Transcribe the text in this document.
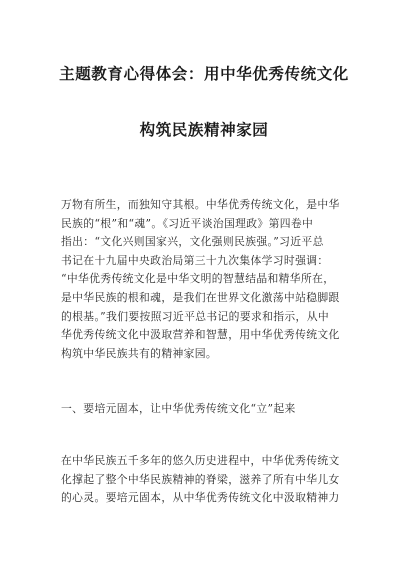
主题教育心得体会：用中华优秀传统文化
构筑民族精神家园
万物有所生，而独知守其根。中华优秀传统文化，是中华
民族的“根”和“魂”。《习近平谈治国理政》第四卷中
指出：“文化兴则国家兴，文化强则民族强。”习近平总
书记在十九届中央政治局第三十九次集体学习时强调：
“中华优秀传统文化是中华文明的智慧结晶和精华所在，
是中华民族的根和魂，是我们在世界文化激荡中站稳脚跟
的根基。”我们要按照习近平总书记的要求和指示，从中
华优秀传统文化中汲取营养和智慧，用中华优秀传统文化
构筑中华民族共有的精神家园。
一、要培元固本，让中华优秀传统文化“立”起来
在中华民族五千多年的悠久历史进程中，中华优秀传统文
化撑起了整个中华民族精神的脊梁，滋养了所有中华儿女
的心灵。要培元固本，从中华优秀传统文化中汲取精神力
